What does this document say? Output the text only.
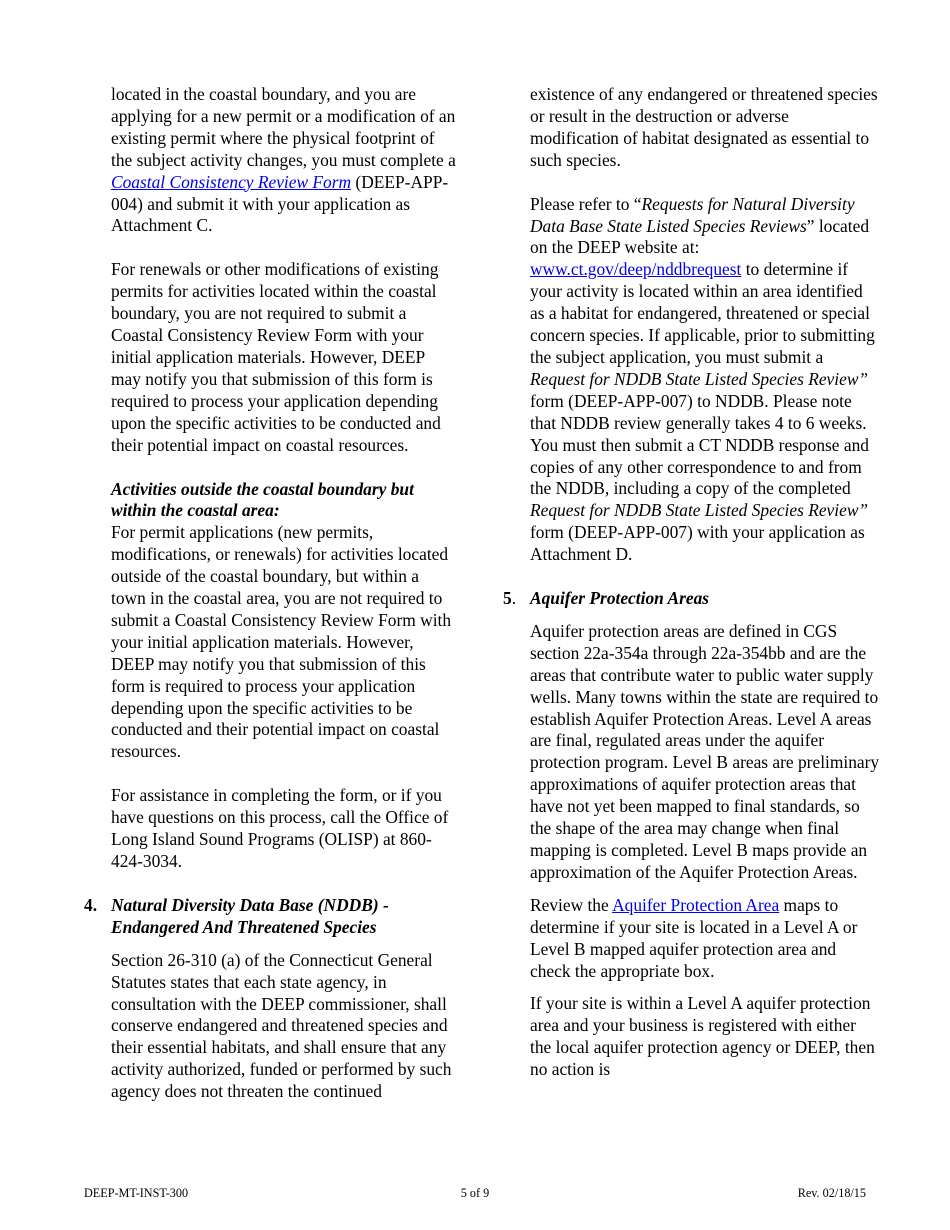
located in the coastal boundary, and you are applying for a new permit or a modification of an existing permit where the physical footprint of the subject activity changes, you must complete a Coastal Consistency Review Form (DEEP-APP-004) and submit it with your application as Attachment C.

For renewals or other modifications of existing permits for activities located within the coastal boundary, you are not required to submit a Coastal Consistency Review Form with your initial application materials. However, DEEP may notify you that submission of this form is required to process your application depending upon the specific activities to be conducted and their potential impact on coastal resources.

Activities outside the coastal boundary but within the coastal area:

For permit applications (new permits, modifications, or renewals) for activities located outside of the coastal boundary, but within a town in the coastal area, you are not required to submit a Coastal Consistency Review Form with your initial application materials. However, DEEP may notify you that submission of this form is required to process your application depending upon the specific activities to be conducted and their potential impact on coastal resources.

For assistance in completing the form, or if you have questions on this process, call the Office of Long Island Sound Programs (OLISP) at 860-424-3034.

4. Natural Diversity Data Base (NDDB) - Endangered And Threatened Species

Section 26-310 (a) of the Connecticut General Statutes states that each state agency, in consultation with the DEEP commissioner, shall conserve endangered and threatened species and their essential habitats, and shall ensure that any activity authorized, funded or performed by such agency does not threaten the continued

existence of any endangered or threatened species or result in the destruction or adverse modification of habitat designated as essential to such species.

Please refer to “Requests for Natural Diversity Data Base State Listed Species Reviews” located on the DEEP website at: www.ct.gov/deep/nddbrequest to determine if your activity is located within an area identified as a habitat for endangered, threatened or special concern species. If applicable, prior to submitting the subject application, you must submit a Request for NDDB State Listed Species Review” form (DEEP-APP-007) to NDDB. Please note that NDDB review generally takes 4 to 6 weeks. You must then submit a CT NDDB response and copies of any other correspondence to and from the NDDB, including a copy of the completed Request for NDDB State Listed Species Review” form (DEEP-APP-007) with your application as Attachment D.

5. Aquifer Protection Areas

Aquifer protection areas are defined in CGS section 22a-354a through 22a-354bb and are the areas that contribute water to public water supply wells. Many towns within the state are required to establish Aquifer Protection Areas. Level A areas are final, regulated areas under the aquifer protection program. Level B areas are preliminary approximations of aquifer protection areas that have not yet been mapped to final standards, so the shape of the area may change when final mapping is completed. Level B maps provide an approximation of the Aquifer Protection Areas.

Review the Aquifer Protection Area maps to determine if your site is located in a Level A or Level B mapped aquifer protection area and check the appropriate box.

If your site is within a Level A aquifer protection area and your business is registered with either the local aquifer protection agency or DEEP, then no action is

DEEP-MT-INST-300	5 of 9	Rev. 02/18/15
